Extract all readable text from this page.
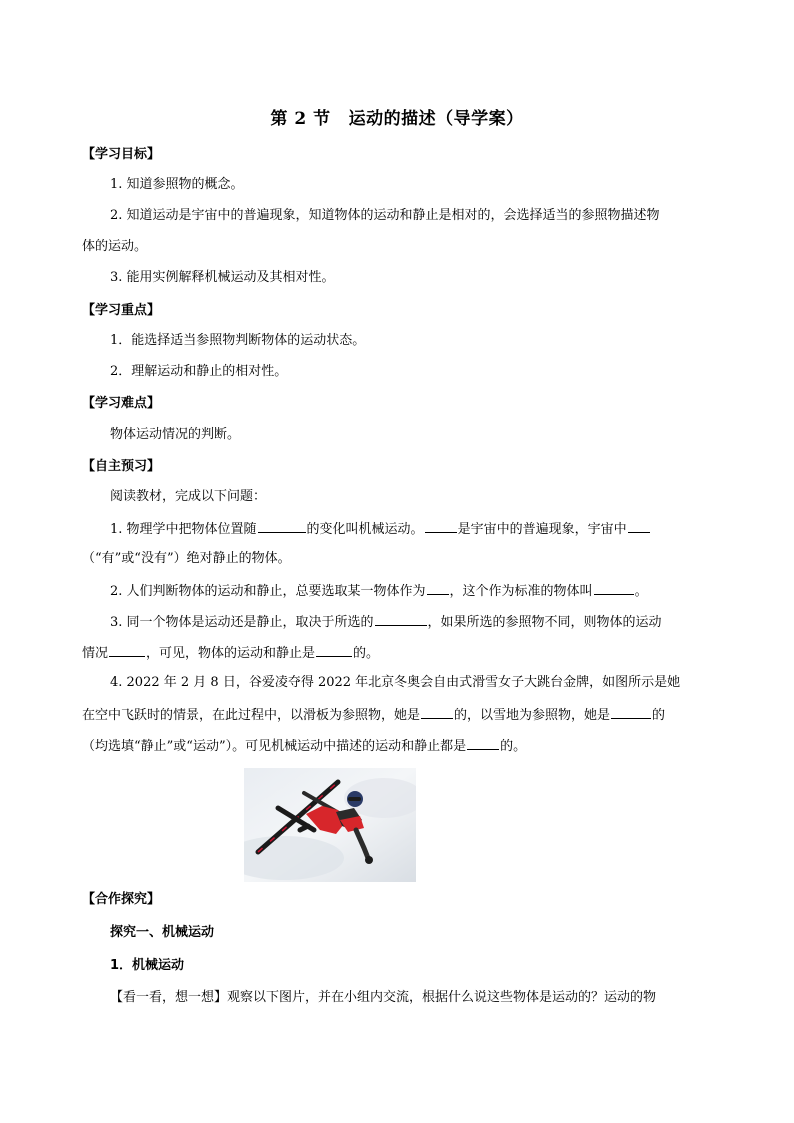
第 2 节 运动的描述（导学案）
【学习目标】
1. 知道参照物的概念。
2. 知道运动是宇宙中的普遍现象，知道物体的运动和静止是相对的，会选择适当的参照物描述物
体的运动。
3. 能用实例解释机械运动及其相对性。
【学习重点】
1．能选择适当参照物判断物体的运动状态。
2．理解运动和静止的相对性。
【学习难点】
物体运动情况的判断。
【自主预习】
阅读教材，完成以下问题：
1. 物理学中把物体位置随	的变化叫机械运动。	是宇宙中的普遍现象，宇宙中
（“有”或“没有”）绝对静止的物体。
2. 人们判断物体的运动和静止，总要选取某一物体作为 ，这个作为标准的物体叫	。
3. 同一个物体是运动还是静止，取决于所选的	，如果所选的参照物不同，则物体的运动
情况	，可见，物体的运动和静止是	的。
4. 2022 年 2 月 8 日，谷爱凌夺得 2022 年北京冬奥会自由式滑雪女子大跳台金牌，如图所示是她
在空中飞跃时的情景，在此过程中，以滑板为参照物，她是	的，以雪地为参照物，她是	的
（均选填“静止”或“运动”）。可见机械运动中描述的运动和静止都是	的。
【合作探究】
探究一、机械运动
1．机械运动
【看一看，想一想】观察以下图片，并在小组内交流，根据什么说这些物体是运动的？运动的物
